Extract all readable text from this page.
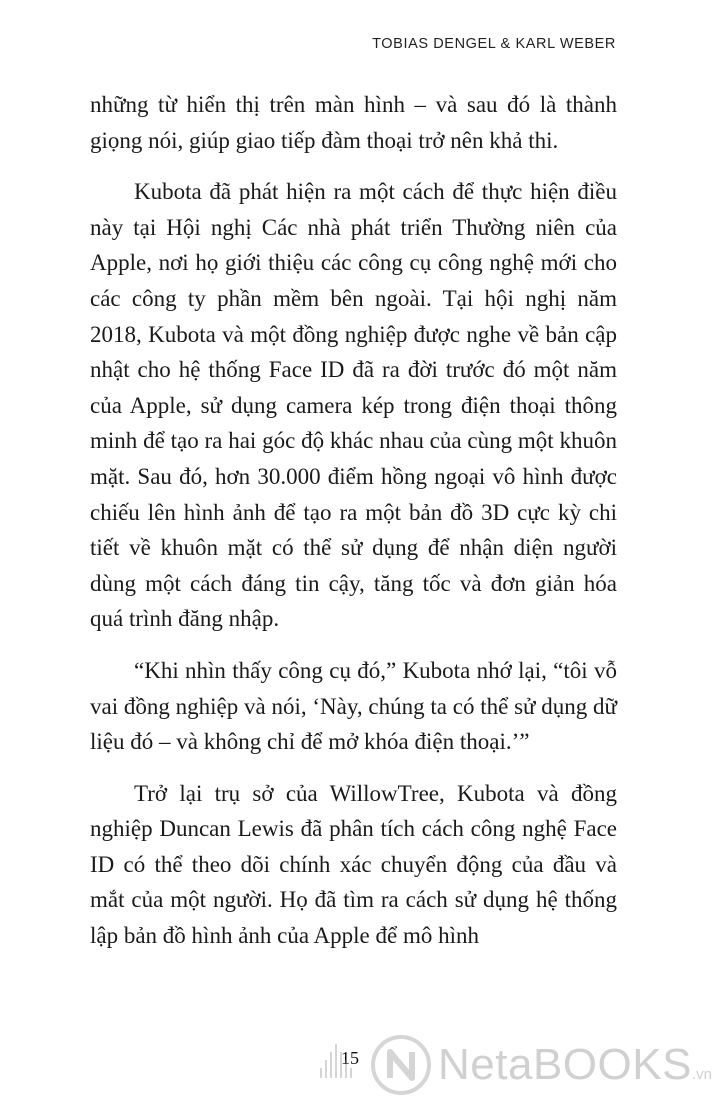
TOBIAS DENGEL & KARL WEBER

những từ hiển thị trên màn hình – và sau đó là thành giọng nói, giúp giao tiếp đàm thoại trở nên khả thi.

Kubota đã phát hiện ra một cách để thực hiện điều này tại Hội nghị Các nhà phát triển Thường niên của Apple, nơi họ giới thiệu các công cụ công nghệ mới cho các công ty phần mềm bên ngoài. Tại hội nghị năm 2018, Kubota và một đồng nghiệp được nghe về bản cập nhật cho hệ thống Face ID đã ra đời trước đó một năm của Apple, sử dụng camera kép trong điện thoại thông minh để tạo ra hai góc độ khác nhau của cùng một khuôn mặt. Sau đó, hơn 30.000 điểm hồng ngoại vô hình được chiếu lên hình ảnh để tạo ra một bản đồ 3D cực kỳ chi tiết về khuôn mặt có thể sử dụng để nhận diện người dùng một cách đáng tin cậy, tăng tốc và đơn giản hóa quá trình đăng nhập.

“Khi nhìn thấy công cụ đó,” Kubota nhớ lại, “tôi vỗ vai đồng nghiệp và nói, ‘Này, chúng ta có thể sử dụng dữ liệu đó – và không chỉ để mở khóa điện thoại.’”

Trở lại trụ sở của WillowTree, Kubota và đồng nghiệp Duncan Lewis đã phân tích cách công nghệ Face ID có thể theo dõi chính xác chuyển động của đầu và mắt của một người. Họ đã tìm ra cách sử dụng hệ thống lập bản đồ hình ảnh của Apple để mô hình

15	NetaBOOKS.vn
